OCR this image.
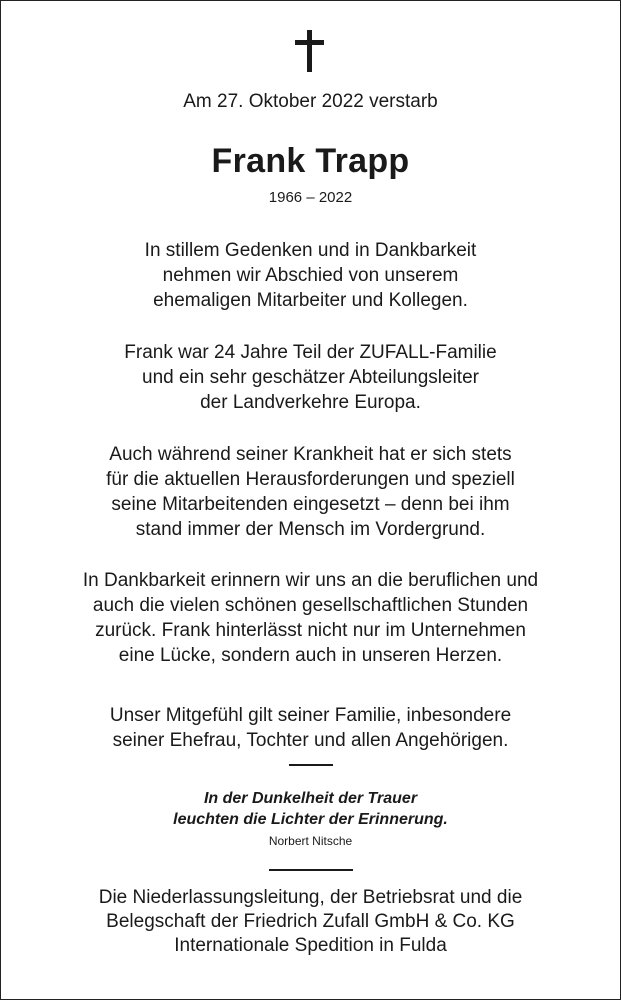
Am 27. Oktober 2022 verstarb
Frank Trapp
1966 – 2022
In stillem Gedenken und in Dankbarkeit
nehmen wir Abschied von unserem
ehemaligen Mitarbeiter und Kollegen.
Frank war 24 Jahre Teil der ZUFALL-Familie
und ein sehr geschätzer Abteilungsleiter
der Landverkehre Europa.
Auch während seiner Krankheit hat er sich stets
für die aktuellen Herausforderungen und speziell
seine Mitarbeitenden eingesetzt – denn bei ihm
stand immer der Mensch im Vordergrund.
In Dankbarkeit erinnern wir uns an die beruflichen und
auch die vielen schönen gesellschaftlichen Stunden
zurück. Frank hinterlässt nicht nur im Unternehmen
eine Lücke, sondern auch in unseren Herzen.
Unser Mitgefühl gilt seiner Familie, inbesondere
seiner Ehefrau, Tochter und allen Angehörigen.
In der Dunkelheit der Trauer
leuchten die Lichter der Erinnerung.
Norbert Nitsche
Die Niederlassungsleitung, der Betriebsrat und die
Belegschaft der Friedrich Zufall GmbH & Co. KG
Internationale Spedition in Fulda
